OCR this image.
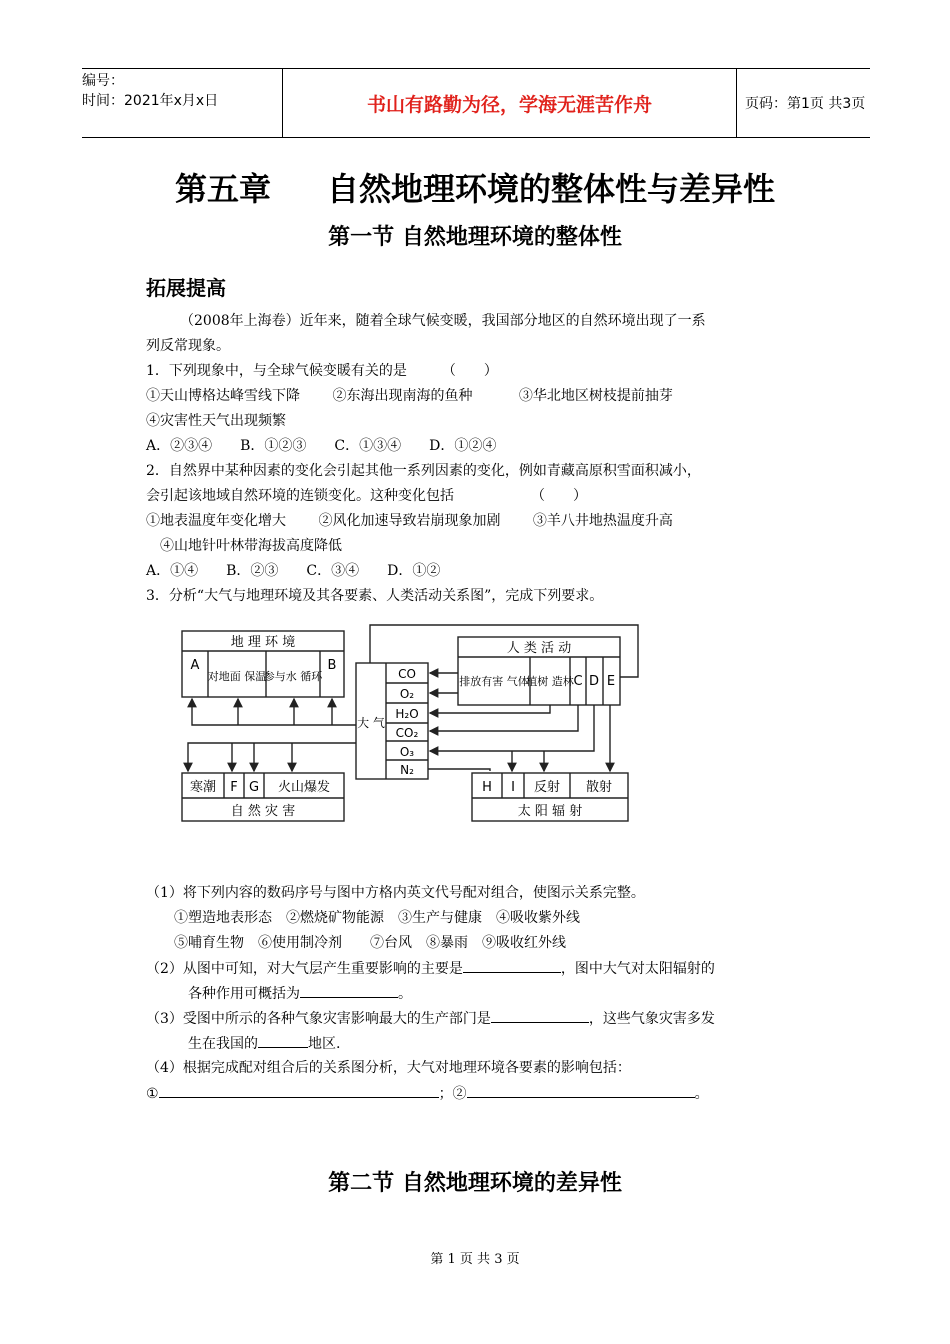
编号：
时间：2021年x月x日	书山有路勤为径，学海无涯苦作舟	页码：第1页 共3页
第五章 自然地理环境的整体性与差异性
第一节 自然地理环境的整体性
拓展提高
（2008年上海卷）近年来，随着全球气候变暖，我国部分地区的自然环境出现了一系
列反常现象。
1．下列现象中，与全球气候变暖有关的是　　　（　　）
①天山博格达峰雪线下降　　 ②东海出现南海的鱼种　　　 ③华北地区树枝提前抽芽
④灾害性天气出现频繁
A．②③④　　B．①②③　　C．①③④　　D．①②④
2．自然界中某种因素的变化会引起其他一系列因素的变化，例如青藏高原积雪面积减小，
会引起该地域自然环境的连锁变化。这种变化包括　　　　　　（　　）
①地表温度年变化增大　　 ②风化加速导致岩崩现象加剧　　 ③羊八井地热温度升高
　④山地针叶林带海拔高度降低
A．①④　　B．②③　　C．③④　　D．①②
3．分析“大气与地理环境及其各要素、人类活动关系图”，完成下列要求。
地 理 环 境
A	B
对地面 保温
参与水 循环
大 气
CO
O₂
H₂O
CO₂
O₃
N₂
人 类 活 动
排放有害 气体
植树 造林 C D E
寒潮 F G 火山爆发
自 然 灾 害
H I 反射 散射
太 阳 辐 射
（1）将下列内容的数码序号与图中方格内英文代号配对组合，使图示关系完整。
　　①塑造地表形态　②燃烧矿物能源　③生产与健康　④吸收紫外线
　　⑤哺育生物　⑥使用制冷剂　　⑦台风　⑧暴雨　⑨吸收红外线
（2）从图中可知，对大气层产生重要影响的主要是	，图中大气对太阳辐射的
　　　各种作用可概括为	。
（3）受图中所示的各种气象灾害影响最大的生产部门是	，这些气象灾害多发
　　　生在我国的	地区.
（4）根据完成配对组合后的关系图分析，大气对地理环境各要素的影响包括：
①	；②	。
第二节 自然地理环境的差异性
第 1 页 共 3 页
